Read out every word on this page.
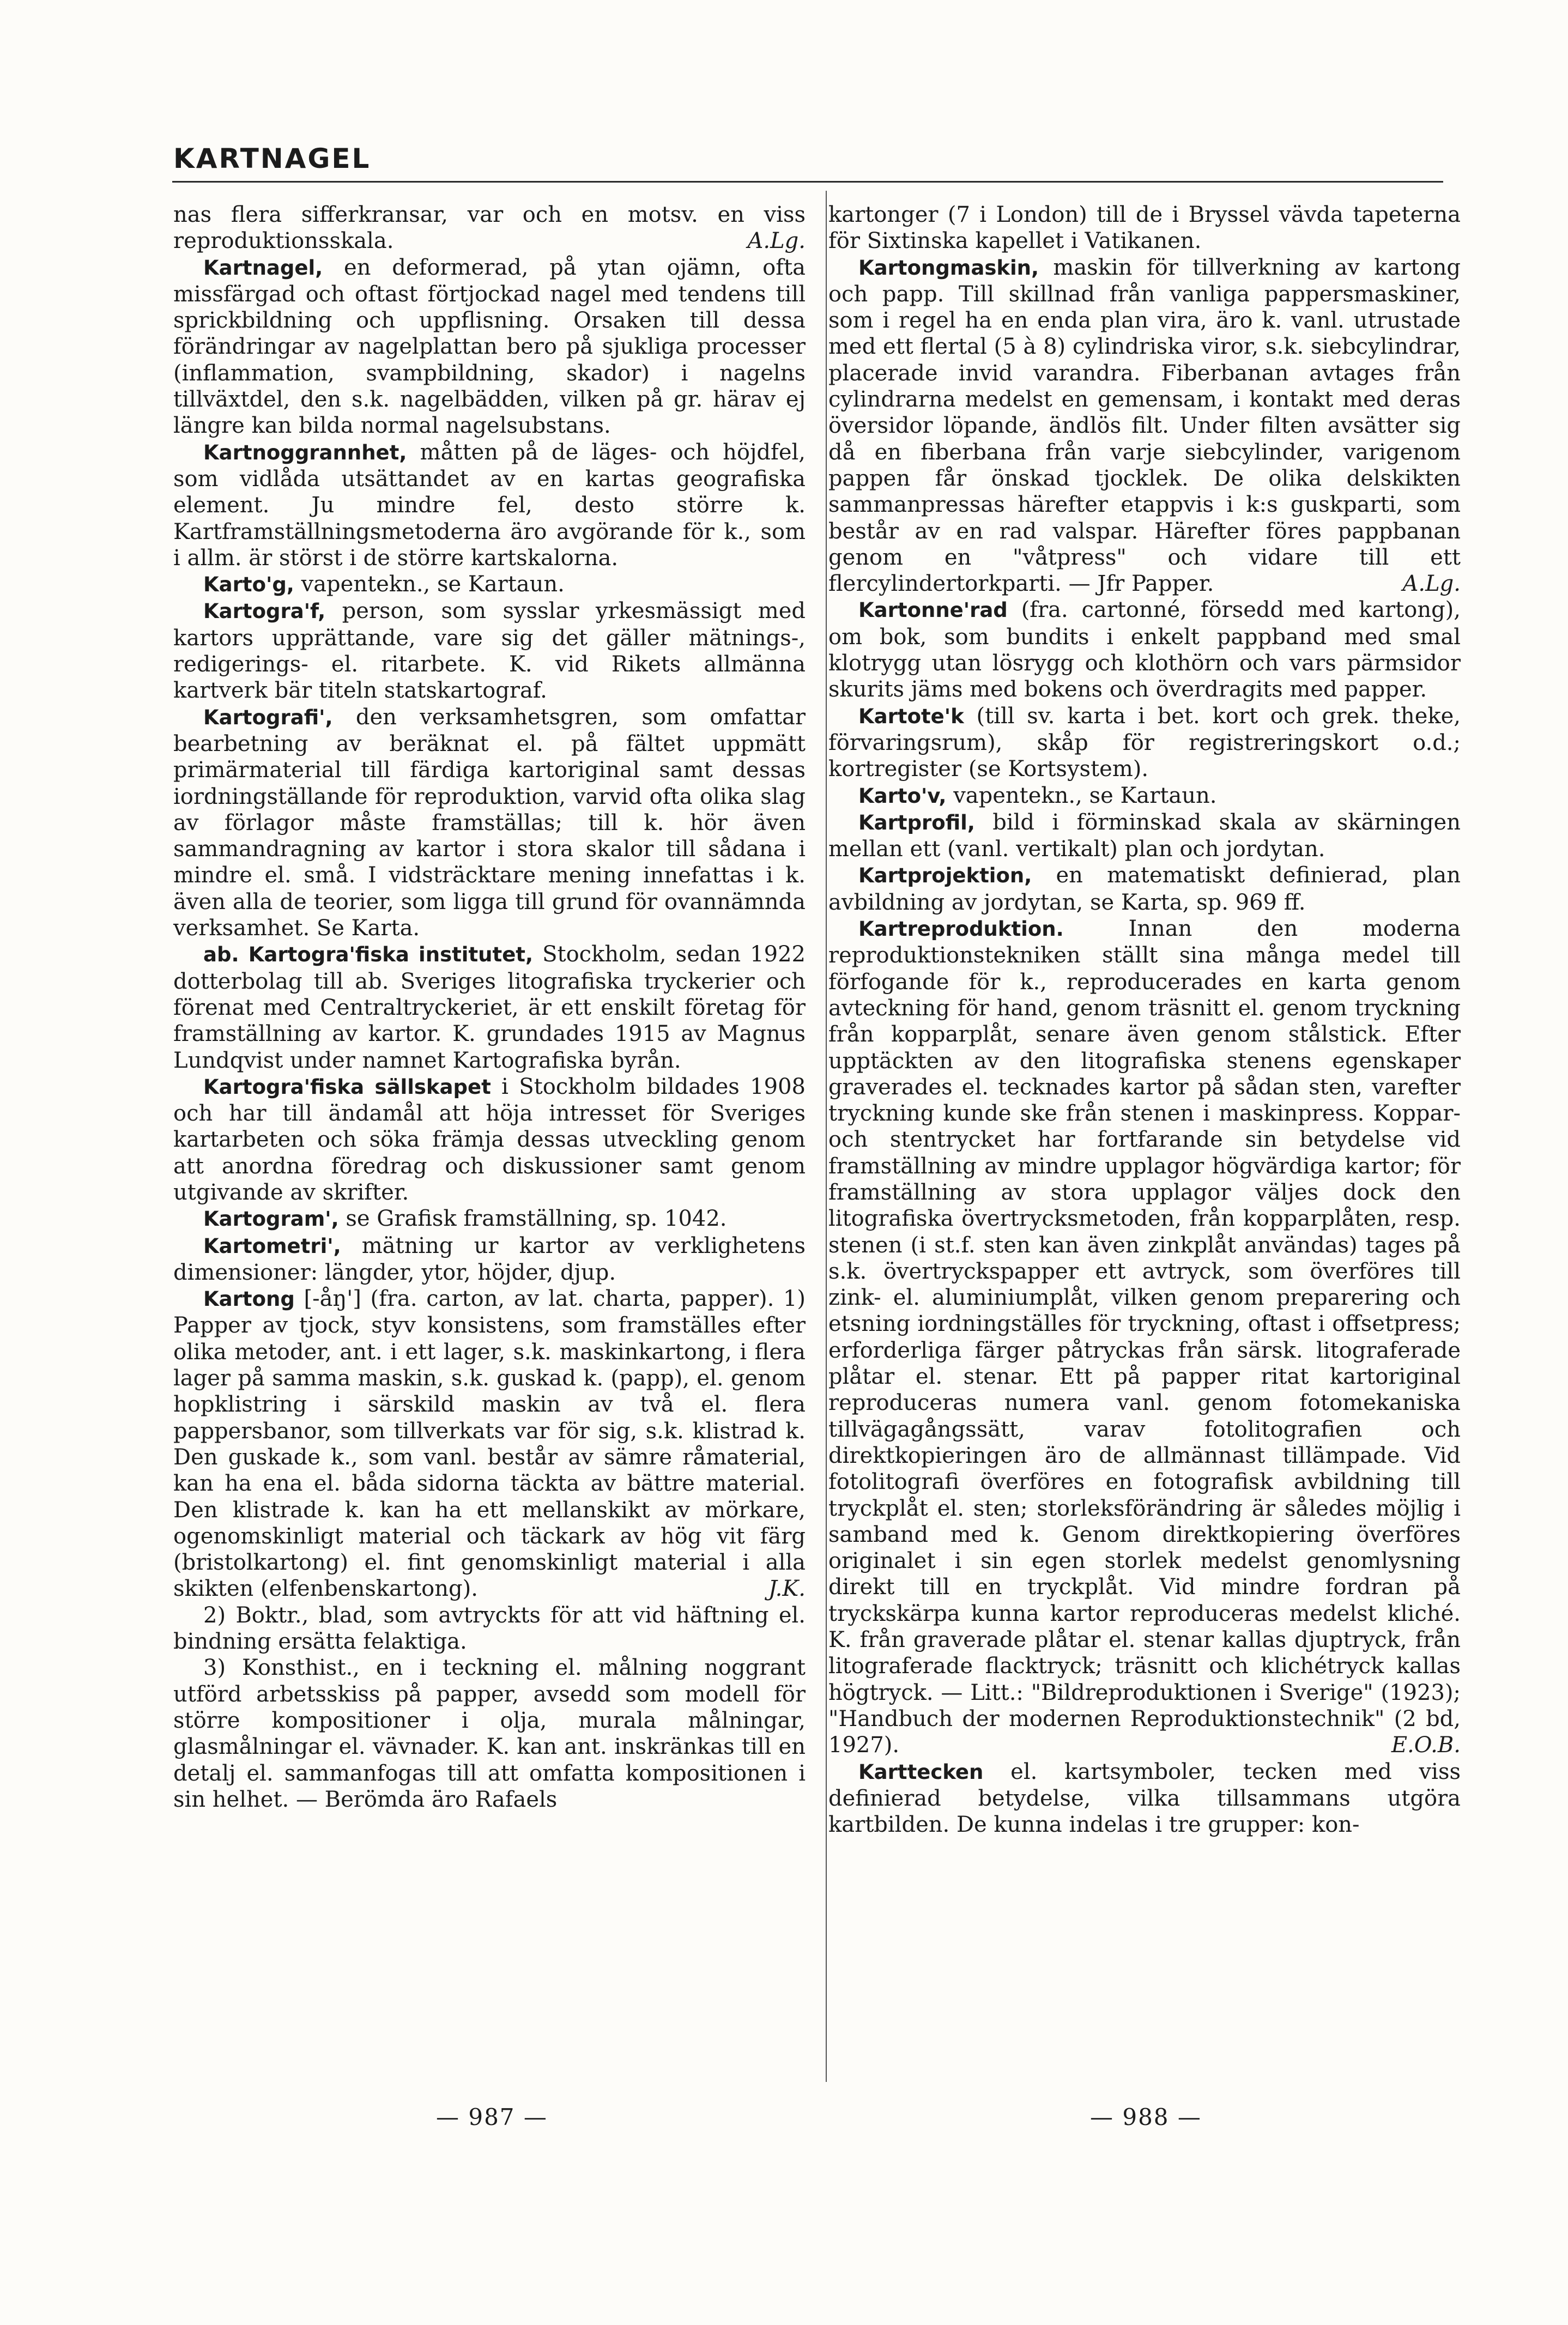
KARTNAGEL

nas flera sifferkransar, var och en motsv. en viss reproduktionsskala.	A.Lg.

Kartnagel, en deformerad, på ytan ojämn, ofta missfärgad och oftast förtjockad nagel med tendens till sprickbildning och uppflisning. Orsaken till dessa förändringar av nagelplattan bero på sjukliga processer (inflammation, svampbildning, skador) i nagelns tillväxtdel, den s.k. nagelbädden, vilken på gr. härav ej längre kan bilda normal nagelsubstans.

Kartnoggrannhet, måtten på de läges- och höjdfel, som vidlåda utsättandet av en kartas geografiska element. Ju mindre fel, desto större k. Kartframställningsmetoderna äro avgörande för k., som i allm. är störst i de större kartskalorna.

Karto'g, vapentekn., se Kartaun.

Kartogra'f, person, som sysslar yrkesmässigt med kartors upprättande, vare sig det gäller mätnings-, redigerings- el. ritarbete. K. vid Rikets allmänna kartverk bär titeln statskartograf.

Kartografi', den verksamhetsgren, som omfattar bearbetning av beräknat el. på fältet uppmätt primärmaterial till färdiga kartoriginal samt dessas iordningställande för reproduktion, varvid ofta olika slag av förlagor måste framställas; till k. hör även sammandragning av kartor i stora skalor till sådana i mindre el. små. I vidsträcktare mening innefattas i k. även alla de teorier, som ligga till grund för ovannämnda verksamhet. Se Karta.

ab. Kartogra'fiska institutet, Stockholm, sedan 1922 dotterbolag till ab. Sveriges litografiska tryckerier och förenat med Centraltryckeriet, är ett enskilt företag för framställning av kartor. K. grundades 1915 av Magnus Lundqvist under namnet Kartografiska byrån.

Kartogra'fiska sällskapet i Stockholm bildades 1908 och har till ändamål att höja intresset för Sveriges kartarbeten och söka främja dessas utveckling genom att anordna föredrag och diskussioner samt genom utgivande av skrifter.

Kartogram', se Grafisk framställning, sp. 1042.

Kartometri', mätning ur kartor av verklighetens dimensioner: längder, ytor, höjder, djup.

Kartong [-åŋ'] (fra. carton, av lat. charta, papper). 1) Papper av tjock, styv konsistens, som framställes efter olika metoder, ant. i ett lager, s.k. maskinkartong, i flera lager på samma maskin, s.k. guskad k. (papp), el. genom hopklistring i särskild maskin av två el. flera pappersbanor, som tillverkats var för sig, s.k. klistrad k. Den guskade k., som vanl. består av sämre råmaterial, kan ha ena el. båda sidorna täckta av bättre material. Den klistrade k. kan ha ett mellanskikt av mörkare, ogenomskinligt material och täckark av hög vit färg (bristolkartong) el. fint genomskinligt material i alla skikten (elfenbenskartong).	J.K.

2) Boktr., blad, som avtryckts för att vid häftning el. bindning ersätta felaktiga.

3) Konsthist., en i teckning el. målning noggrant utförd arbetsskiss på papper, avsedd som modell för större kompositioner i olja, murala målningar, glasmålningar el. vävnader. K. kan ant. inskränkas till en detalj el. sammanfogas till att omfatta kompositionen i sin helhet. — Berömda äro Rafaels

kartonger (7 i London) till de i Bryssel vävda tapeterna för Sixtinska kapellet i Vatikanen.

Kartongmaskin, maskin för tillverkning av kartong och papp. Till skillnad från vanliga pappersmaskiner, som i regel ha en enda plan vira, äro k. vanl. utrustade med ett flertal (5 à 8) cylindriska viror, s.k. siebcylindrar, placerade invid varandra. Fiberbanan avtages från cylindrarna medelst en gemensam, i kontakt med deras översidor löpande, ändlös filt. Under filten avsätter sig då en fiberbana från varje siebcylinder, varigenom pappen får önskad tjocklek. De olika delskikten sammanpressas härefter etappvis i k:s guskparti, som består av en rad valspar. Härefter föres pappbanan genom en "våtpress" och vidare till ett flercylindertorkparti. — Jfr Papper.	A.Lg.

Kartonne'rad (fra. cartonné, försedd med kartong), om bok, som bundits i enkelt pappband med smal klotrygg utan lösrygg och klothörn och vars pärmsidor skurits jäms med bokens och överdragits med papper.

Kartote'k (till sv. karta i bet. kort och grek. theke, förvaringsrum), skåp för registreringskort o.d.; kortregister (se Kortsystem).

Karto'v, vapentekn., se Kartaun.

Kartprofil, bild i förminskad skala av skärningen mellan ett (vanl. vertikalt) plan och jordytan.

Kartprojektion, en matematiskt definierad, plan avbildning av jordytan, se Karta, sp. 969 ff.

Kartreproduktion. Innan den moderna reproduktionstekniken ställt sina många medel till förfogande för k., reproducerades en karta genom avteckning för hand, genom träsnitt el. genom tryckning från kopparplåt, senare även genom stålstick. Efter upptäckten av den litografiska stenens egenskaper graverades el. tecknades kartor på sådan sten, varefter tryckning kunde ske från stenen i maskinpress. Koppar- och stentrycket har fortfarande sin betydelse vid framställning av mindre upplagor högvärdiga kartor; för framställning av stora upplagor väljes dock den litografiska övertrycksmetoden, från kopparplåten, resp. stenen (i st.f. sten kan även zinkplåt användas) tages på s.k. övertryckspapper ett avtryck, som överföres till zink- el. aluminiumplåt, vilken genom preparering och etsning iordningställes för tryckning, oftast i offsetpress; erforderliga färger påtryckas från särsk. litograferade plåtar el. stenar. Ett på papper ritat kartoriginal reproduceras numera vanl. genom fotomekaniska tillvägagångssätt, varav fotolitografien och direktkopieringen äro de allmännast tillämpade. Vid fotolitografi överföres en fotografisk avbildning till tryckplåt el. sten; storleksförändring är således möjlig i samband med k. Genom direktkopiering överföres originalet i sin egen storlek medelst genomlysning direkt till en tryckplåt. Vid mindre fordran på tryckskärpa kunna kartor reproduceras medelst kliché. K. från graverade plåtar el. stenar kallas djuptryck, från litograferade flacktryck; träsnitt och klichétryck kallas högtryck. — Litt.: "Bildreproduktionen i Sverige" (1923); "Handbuch der modernen Reproduktionstechnik" (2 bd, 1927).	E.O.B.

Karttecken el. kartsymboler, tecken med viss definierad betydelse, vilka tillsammans utgöra kartbilden. De kunna indelas i tre grupper: kon-

— 987 —	— 988 —
